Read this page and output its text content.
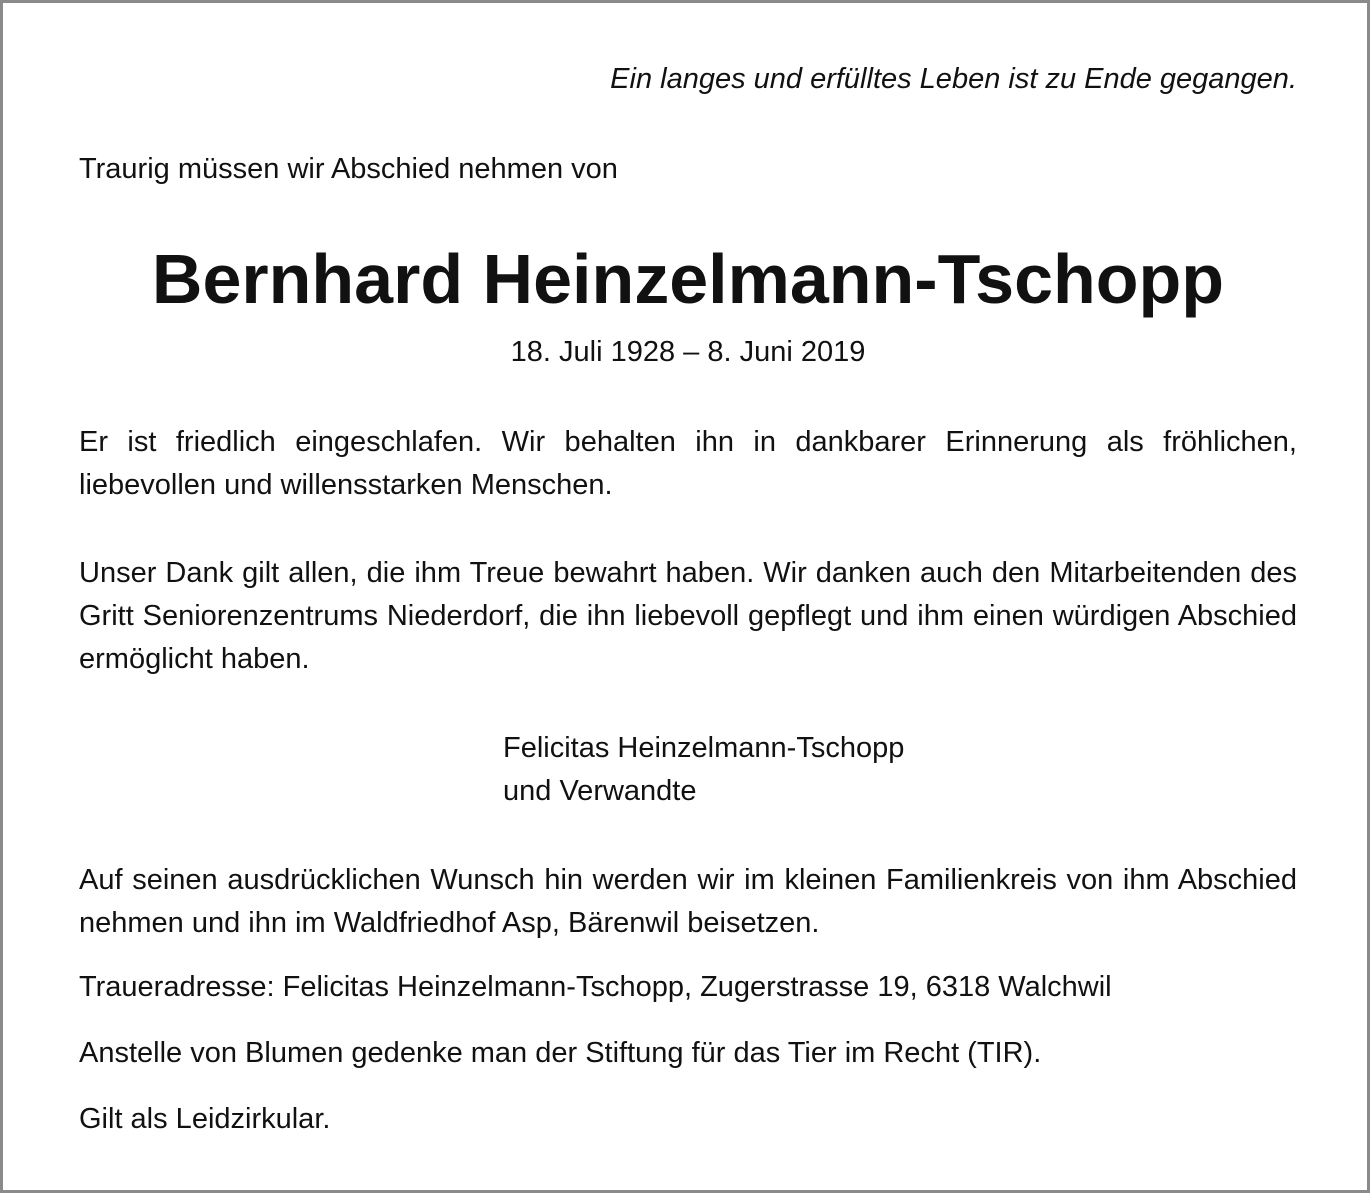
Ein langes und erfülltes Leben ist zu Ende gegangen.
Traurig müssen wir Abschied nehmen von
Bernhard Heinzelmann-Tschopp
18. Juli 1928 – 8. Juni 2019
Er ist friedlich eingeschlafen. Wir behalten ihn in dankbarer Erinnerung als fröhlichen, liebevollen und willensstarken Menschen.
Unser Dank gilt allen, die ihm Treue bewahrt haben. Wir danken auch den Mitarbeitenden des Gritt Seniorenzentrums Niederdorf, die ihn liebevoll gepflegt und ihm einen würdigen Abschied ermöglicht haben.
Felicitas Heinzelmann-Tschopp
und Verwandte
Auf seinen ausdrücklichen Wunsch hin werden wir im kleinen Familienkreis von ihm Abschied nehmen und ihn im Waldfriedhof Asp, Bärenwil beisetzen.
Traueradresse: Felicitas Heinzelmann-Tschopp, Zugerstrasse 19, 6318 Walchwil
Anstelle von Blumen gedenke man der Stiftung für das Tier im Recht (TIR).
Gilt als Leidzirkular.
